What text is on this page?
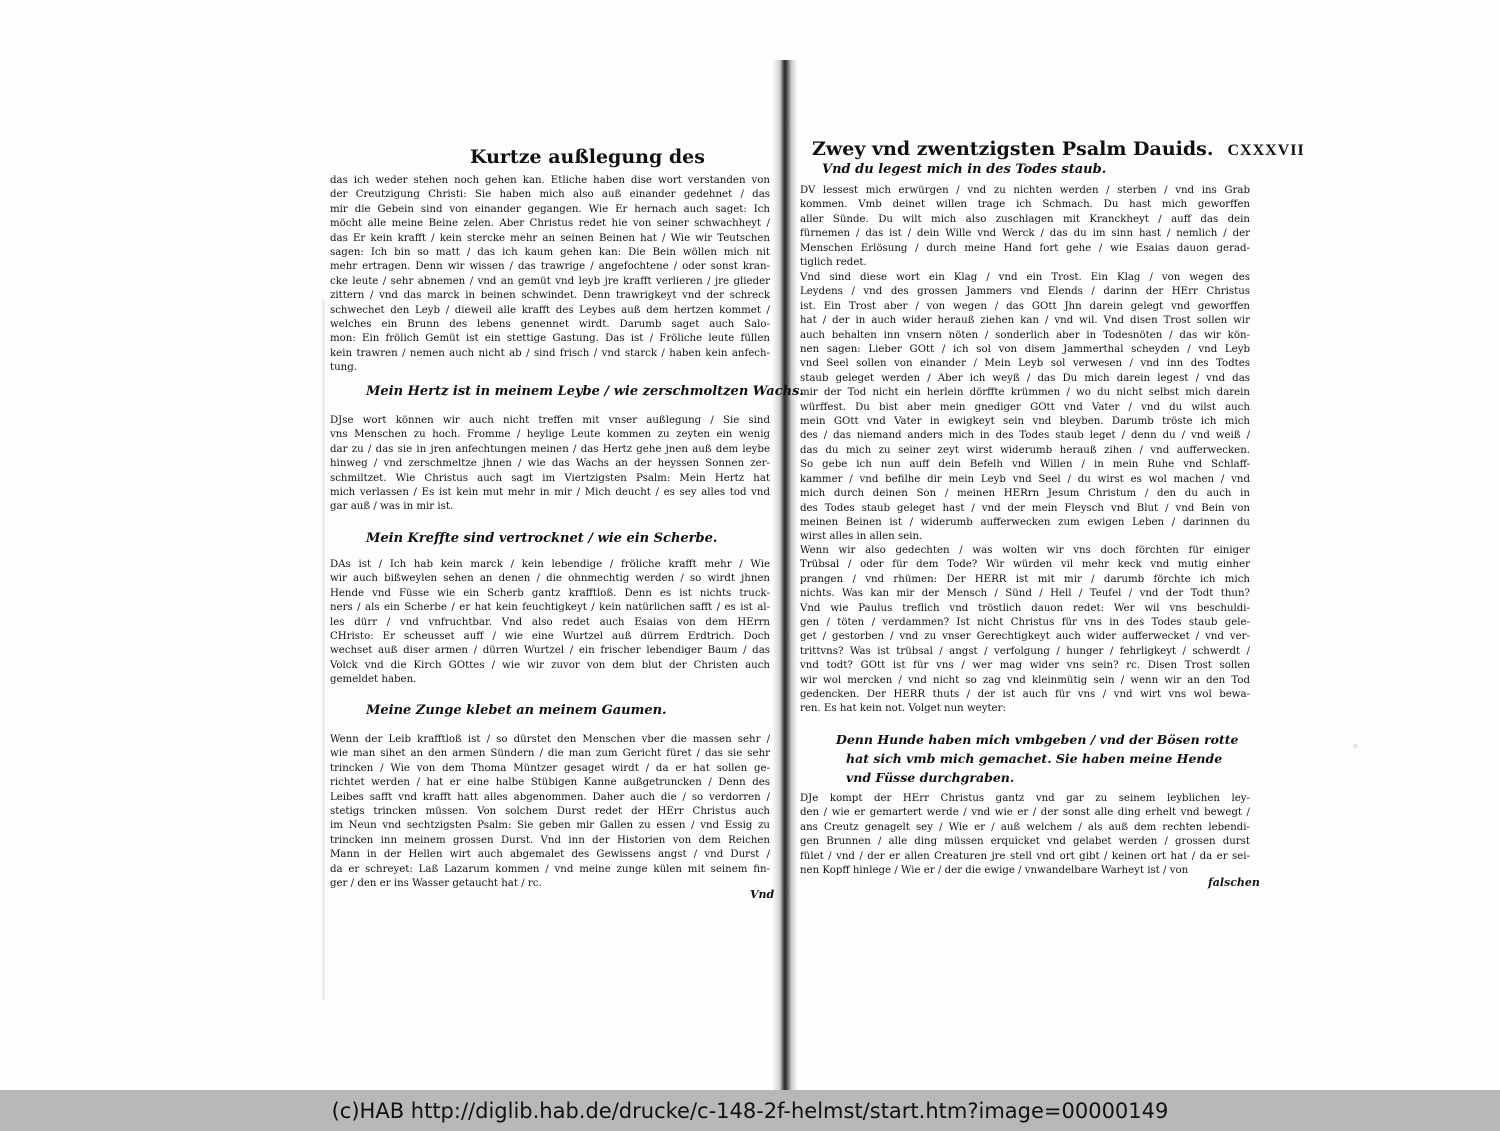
Kurtze außlegung des
das ich weder stehen noch gehen kan. Etliche haben dise wort verstanden von
der Creutzigung Christi: Sie haben mich also auß einander gedehnet / das
mir die Gebein sind von einander gegangen. Wie Er hernach auch saget: Ich
möcht alle meine Beine zelen. Aber Christus redet hie von seiner schwachheyt /
das Er kein krafft / kein stercke mehr an seinen Beinen hat / Wie wir Teutschen
sagen: Ich bin so matt / das ich kaum gehen kan: Die Bein wöllen mich nit
mehr ertragen. Denn wir wissen / das trawrige / angefochtene / oder sonst kran-
cke leute / sehr abnemen / vnd an gemüt vnd leyb jre krafft verlieren / jre glieder
zittern / vnd das marck in beinen schwindet. Denn trawrigkeyt vnd der schreck
schwechet den Leyb / dieweil alle krafft des Leybes auß dem hertzen kommet /
welches ein Brunn des lebens genennet wirdt. Darumb saget auch Salo-
mon: Ein frölich Gemüt ist ein stettige Gastung. Das ist / Fröliche leute füllen
kein trawren / nemen auch nicht ab / sind frisch / vnd starck / haben kein anfech-
tung.
Mein Hertz ist in meinem Leybe / wie zerschmoltzen Wachs.
DJse wort können wir auch nicht treffen mit vnser außlegung / Sie sind
vns Menschen zu hoch. Fromme / heylige Leute kommen zu zeyten ein wenig
dar zu / das sie in jren anfechtungen meinen / das Hertz gehe jnen auß dem leybe
hinweg / vnd zerschmeltze jhnen / wie das Wachs an der heyssen Sonnen zer-
schmiltzet. Wie Christus auch sagt im Viertzigsten Psalm: Mein Hertz hat
mich verlassen / Es ist kein mut mehr in mir / Mich deucht / es sey alles tod vnd
gar auß / was in mir ist.
Mein Kreffte sind vertrocknet / wie ein Scherbe.
DAs ist / Ich hab kein marck / kein lebendige / fröliche krafft mehr / Wie
wir auch bißweylen sehen an denen / die ohnmechtig werden / so wirdt jhnen
Hende vnd Füsse wie ein Scherb gantz krafftloß. Denn es ist nichts truck-
ners / als ein Scherbe / er hat kein feuchtigkeyt / kein natürlichen safft / es ist al-
les dürr / vnd vnfruchtbar. Vnd also redet auch Esaias von dem HErrn
CHristo: Er scheusset auff / wie eine Wurtzel auß dürrem Erdtrich. Doch
wechset auß diser armen / dürren Wurtzel / ein frischer lebendiger Baum / das
Volck vnd die Kirch GOttes / wie wir zuvor von dem blut der Christen auch
gemeldet haben.
Meine Zunge klebet an meinem Gaumen.
Wenn der Leib krafftloß ist / so dürstet den Menschen vber die massen sehr /
wie man sihet an den armen Sündern / die man zum Gericht füret / das sie sehr
trincken / Wie von dem Thoma Müntzer gesaget wirdt / da er hat sollen ge-
richtet werden / hat er eine halbe Stübigen Kanne außgetruncken / Denn des
Leibes safft vnd krafft hatt alles abgenommen. Daher auch die / so verdorren /
stetigs trincken müssen. Von solchem Durst redet der HErr Christus auch
im Neun vnd sechtzigsten Psalm: Sie geben mir Gallen zu essen / vnd Essig zu
trincken inn meinem grossen Durst. Vnd inn der Historien von dem Reichen
Mann in der Hellen wirt auch abgemalet des Gewissens angst / vnd Durst /
da er schreyet: Laß Lazarum kommen / vnd meine zunge külen mit seinem fin-
ger / den er ins Wasser getaucht hat / rc.
Vnd
Zwey vnd zwentzigsten Psalm Dauids. CXXXVII
Vnd du legest mich in des Todes staub.
DV lessest mich erwürgen / vnd zu nichten werden / sterben / vnd ins Grab
kommen. Vmb deinet willen trage ich Schmach. Du hast mich geworffen
aller Sünde. Du wilt mich also zuschlagen mit Kranckheyt / auff das dein
fürnemen / das ist / dein Wille vnd Werck / das du im sinn hast / nemlich / der
Menschen Erlösung / durch meine Hand fort gehe / wie Esaias dauon gerad-
tiglich redet.
Vnd sind diese wort ein Klag / vnd ein Trost. Ein Klag / von wegen des
Leydens / vnd des grossen Jammers vnd Elends / darinn der HErr Christus
ist. Ein Trost aber / von wegen / das GOtt Jhn darein gelegt vnd geworffen
hat / der in auch wider herauß ziehen kan / vnd wil. Vnd disen Trost sollen wir
auch behalten inn vnsern nöten / sonderlich aber in Todesnöten / das wir kön-
nen sagen: Lieber GOtt / ich sol von disem Jammerthal scheyden / vnd Leyb
vnd Seel sollen von einander / Mein Leyb sol verwesen / vnd inn des Todtes
staub geleget werden / Aber ich weyß / das Du mich darein legest / vnd das
mir der Tod nicht ein herlein dörffte krümmen / wo du nicht selbst mich darein
würffest. Du bist aber mein gnediger GOtt vnd Vater / vnd du wilst auch
mein GOtt vnd Vater in ewigkeyt sein vnd bleyben. Darumb tröste ich mich
des / das niemand anders mich in des Todes staub leget / denn du / vnd weiß /
das du mich zu seiner zeyt wirst widerumb herauß zihen / vnd aufferwecken.
So gebe ich nun auff dein Befelh vnd Willen / in mein Ruhe vnd Schlaff-
kammer / vnd befilhe dir mein Leyb vnd Seel / du wirst es wol machen / vnd
mich durch deinen Son / meinen HERrn Jesum Christum / den du auch in
des Todes staub geleget hast / vnd der mein Fleysch vnd Blut / vnd Bein von
meinen Beinen ist / widerumb aufferwecken zum ewigen Leben / darinnen du
wirst alles in allen sein.
Wenn wir also gedechten / was wolten wir vns doch förchten für einiger
Trübsal / oder für dem Tode? Wir würden vil mehr keck vnd mutig einher
prangen / vnd rhümen: Der HERR ist mit mir / darumb förchte ich mich
nichts. Was kan mir der Mensch / Sünd / Hell / Teufel / vnd der Todt thun?
Vnd wie Paulus treflich vnd tröstlich dauon redet: Wer wil vns beschuldi-
gen / töten / verdammen? Ist nicht Christus für vns in des Todes staub gele-
get / gestorben / vnd zu vnser Gerechtigkeyt auch wider aufferwecket / vnd ver-
trittvns? Was ist trübsal / angst / verfolgung / hunger / fehrligkeyt / schwerdt /
vnd todt? GOtt ist für vns / wer mag wider vns sein? rc. Disen Trost sollen
wir wol mercken / vnd nicht so zag vnd kleinmütig sein / wenn wir an den Tod
gedencken. Der HERR thuts / der ist auch für vns / vnd wirt vns wol bewa-
ren. Es hat kein not. Volget nun weyter:
Denn Hunde haben mich vmbgeben / vnd der Bösen rotte
hat sich vmb mich gemachet. Sie haben meine Hende
vnd Füsse durchgraben.
DJe kompt der HErr Christus gantz vnd gar zu seinem leyblichen ley-
den / wie er gemartert werde / vnd wie er / der sonst alle ding erhelt vnd bewegt /
ans Creutz genagelt sey / Wie er / auß welchem / als auß dem rechten lebendi-
gen Brunnen / alle ding müssen erquicket vnd gelabet werden / grossen durst
fület / vnd / der er allen Creaturen jre stell vnd ort gibt / keinen ort hat / da er sei-
nen Kopff hinlege / Wie er / der die ewige / vnwandelbare Warheyt ist / von
falschen
⁘
(c)HAB http://diglib.hab.de/drucke/c-148-2f-helmst/start.htm?image=00000149
